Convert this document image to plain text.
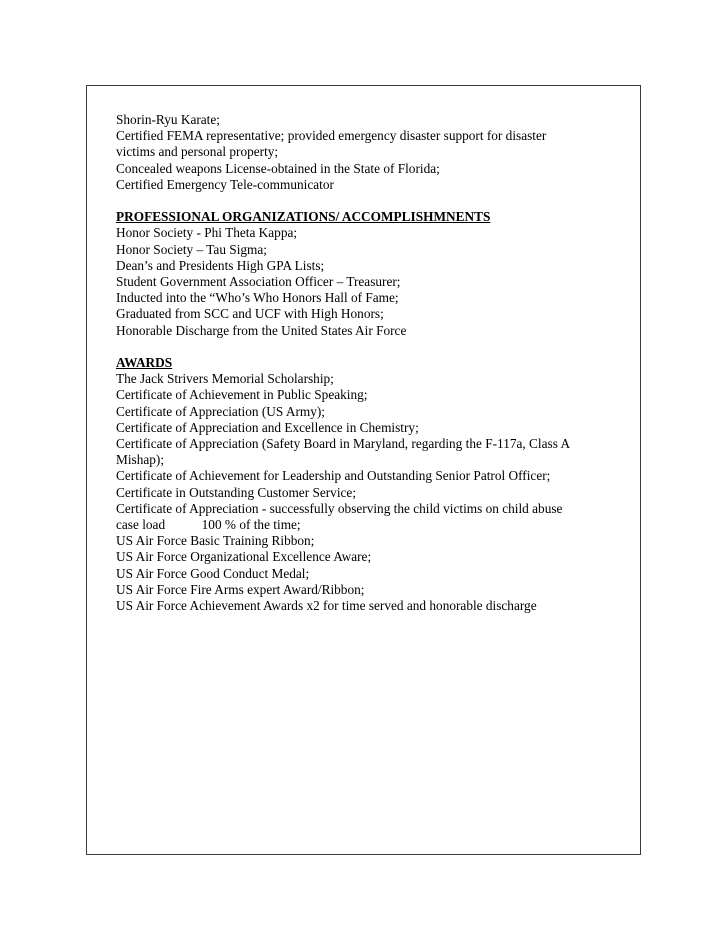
Shorin-Ryu Karate;
Certified FEMA representative; provided emergency disaster support for disaster
victims and personal property;
Concealed weapons License-obtained in the State of Florida;
Certified Emergency Tele-communicator
PROFESSIONAL ORGANIZATIONS/ ACCOMPLISHMNENTS
Honor Society - Phi Theta Kappa;
Honor Society – Tau Sigma;
Dean’s and Presidents High GPA Lists;
Student Government Association Officer – Treasurer;
Inducted into the “Who’s Who Honors Hall of Fame;
Graduated from SCC and UCF with High Honors;
Honorable Discharge from the United States Air Force
AWARDS
The Jack Strivers Memorial Scholarship;
Certificate of Achievement in Public Speaking;
Certificate of Appreciation (US Army);
Certificate of Appreciation and Excellence in Chemistry;
Certificate of Appreciation (Safety Board in Maryland, regarding the F-117a, Class A
Mishap);
Certificate of Achievement for Leadership and Outstanding Senior Patrol Officer;
Certificate in Outstanding Customer Service;
Certificate of Appreciation - successfully observing the child victims on child abuse
case load           100 % of the time;
US Air Force Basic Training Ribbon;
US Air Force Organizational Excellence Aware;
US Air Force Good Conduct Medal;
US Air Force Fire Arms expert Award/Ribbon;
US Air Force Achievement Awards x2 for time served and honorable discharge
